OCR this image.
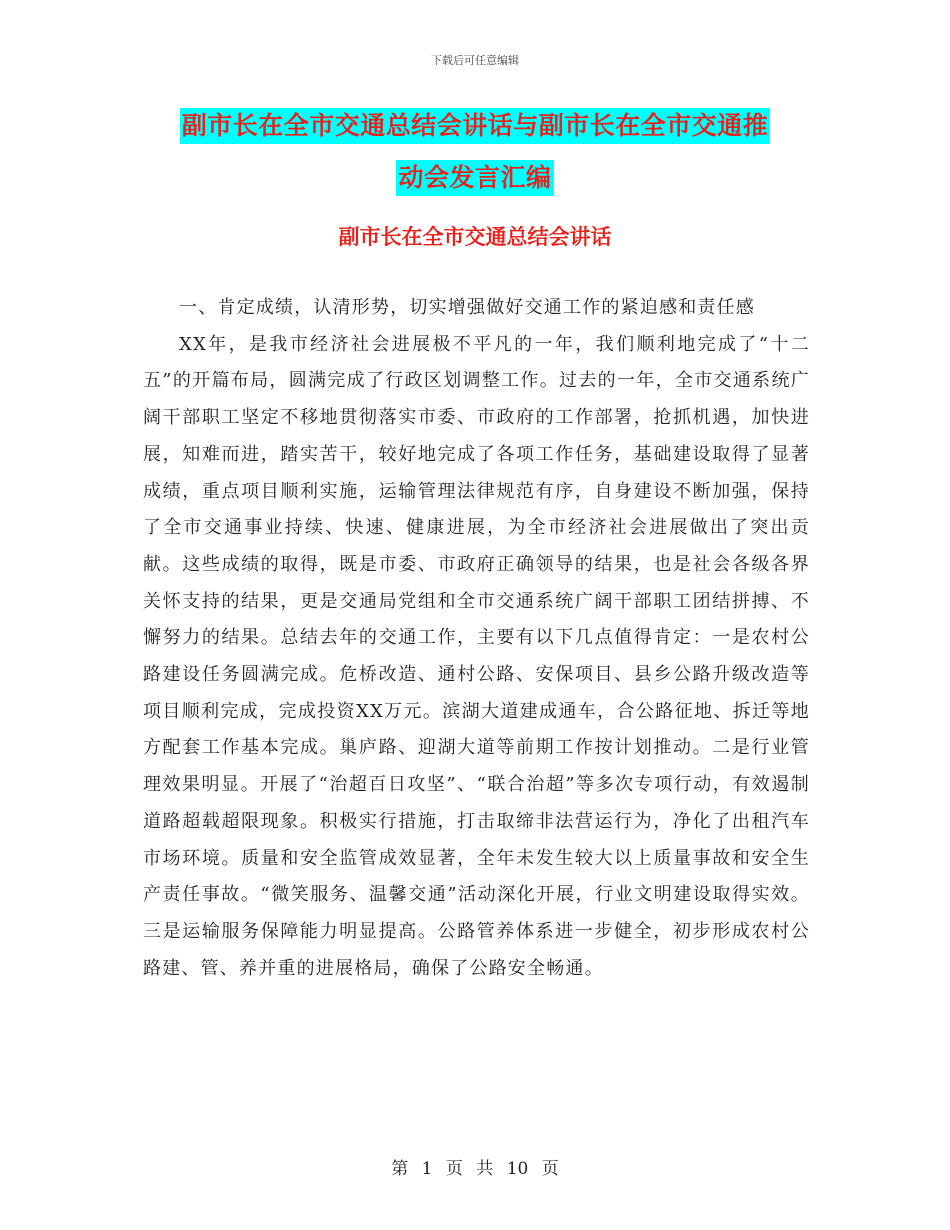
下载后可任意编辑
副市长在全市交通总结会讲话与副市长在全市交通推
动会发言汇编
副市长在全市交通总结会讲话

一、肯定成绩，认清形势，切实增强做好交通工作的紧迫感和责任感

XX年，是我市经济社会进展极不平凡的一年，我们顺利地完成了“十二五”的开篇布局，圆满完成了行政区划调整工作。过去的一年，全市交通系统广阔干部职工坚定不移地贯彻落实市委、市政府的工作部署，抢抓机遇，加快进展，知难而进，踏实苦干，较好地完成了各项工作任务，基础建设取得了显著成绩，重点项目顺利实施，运输管理法律规范有序，自身建设不断加强，保持了全市交通事业持续、快速、健康进展，为全市经济社会进展做出了突出贡献。这些成绩的取得，既是市委、市政府正确领导的结果，也是社会各级各界关怀支持的结果，更是交通局党组和全市交通系统广阔干部职工团结拼搏、不懈努力的结果。总结去年的交通工作，主要有以下几点值得肯定：一是农村公路建设任务圆满完成。危桥改造、通村公路、安保项目、县乡公路升级改造等项目顺利完成，完成投资XX万元。滨湖大道建成通车，合公路征地、拆迁等地方配套工作基本完成。巢庐路、迎湖大道等前期工作按计划推动。二是行业管理效果明显。开展了“治超百日攻坚”、“联合治超”等多次专项行动，有效遏制道路超载超限现象。积极实行措施，打击取缔非法营运行为，净化了出租汽车市场环境。质量和安全监管成效显著，全年未发生较大以上质量事故和安全生产责任事故。“微笑服务、温馨交通”活动深化开展，行业文明建设取得实效。三是运输服务保障能力明显提高。公路管养体系进一步健全，初步形成农村公路建、管、养并重的进展格局，确保了公路安全畅通。

第 1 页 共 10 页
